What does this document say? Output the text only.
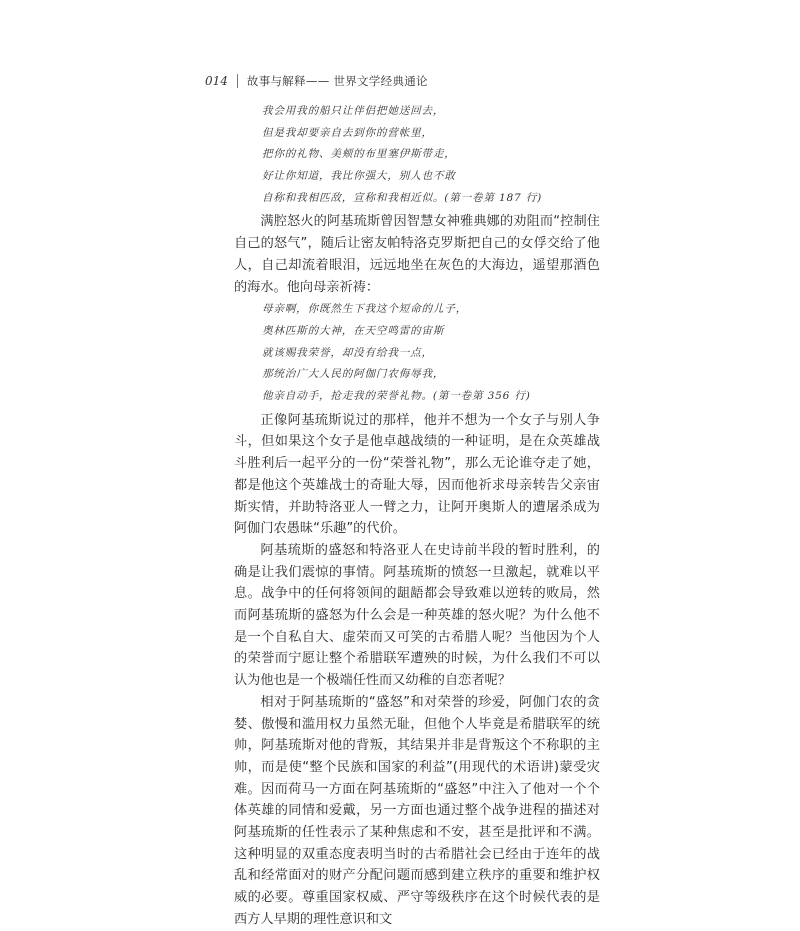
014 故事与解释—— 世界文学经典通论
我会用我的船只让伴侣把她送回去，
但是我却要亲自去到你的营帐里，
把你的礼物、美颊的布里塞伊斯带走，
好让你知道，我比你强大，别人也不敢
自称和我相匹敌，宣称和我相近似。(第一卷第 187 行)

满腔怒火的阿基琉斯曾因智慧女神雅典娜的劝阻而“控制住自己的怒气”，随后让密友帕特洛克罗斯把自己的女俘交给了他人，自己却流着眼泪，远远地坐在灰色的大海边，遥望那酒色的海水。他向母亲祈祷：

母亲啊，你既然生下我这个短命的儿子，
奥林匹斯的大神，在天空鸣雷的宙斯
就该赐我荣誉，却没有给我一点，
那统治广大人民的阿伽门农侮辱我，
他亲自动手，抢走我的荣誉礼物。(第一卷第 356 行)

正像阿基琉斯说过的那样，他并不想为一个女子与别人争斗，但如果这个女子是他卓越战绩的一种证明，是在众英雄战斗胜利后一起平分的一份“荣誉礼物”，那么无论谁夺走了她，都是他这个英雄战士的奇耻大辱，因而他祈求母亲转告父亲宙斯实情，并助特洛亚人一臂之力，让阿开奥斯人的遭屠杀成为阿伽门农愚昧“乐趣”的代价。

阿基琉斯的盛怒和特洛亚人在史诗前半段的暂时胜利，的确是让我们震惊的事情。阿基琉斯的愤怒一旦激起，就难以平息。战争中的任何将领间的龃龉都会导致难以逆转的败局，然而阿基琉斯的盛怒为什么会是一种英雄的怒火呢？为什么他不是一个自私自大、虚荣而又可笑的古希腊人呢？当他因为个人的荣誉而宁愿让整个希腊联军遭殃的时候，为什么我们不可以认为他也是一个极端任性而又幼稚的自恋者呢？

相对于阿基琉斯的“盛怒”和对荣誉的珍爱，阿伽门农的贪婪、傲慢和滥用权力虽然无耻，但他个人毕竟是希腊联军的统帅，阿基琉斯对他的背叛，其结果并非是背叛这个不称职的主帅，而是使“整个民族和国家的利益”(用现代的术语讲)蒙受灾难。因而荷马一方面在阿基琉斯的“盛怒”中注入了他对一个个体英雄的同情和爱戴，另一方面也通过整个战争进程的描述对阿基琉斯的任性表示了某种焦虑和不安，甚至是批评和不满。这种明显的双重态度表明当时的古希腊社会已经由于连年的战乱和经常面对的财产分配问题而感到建立秩序的重要和维护权威的必要。尊重国家权威、严守等级秩序在这个时候代表的是西方人早期的理性意识和文
